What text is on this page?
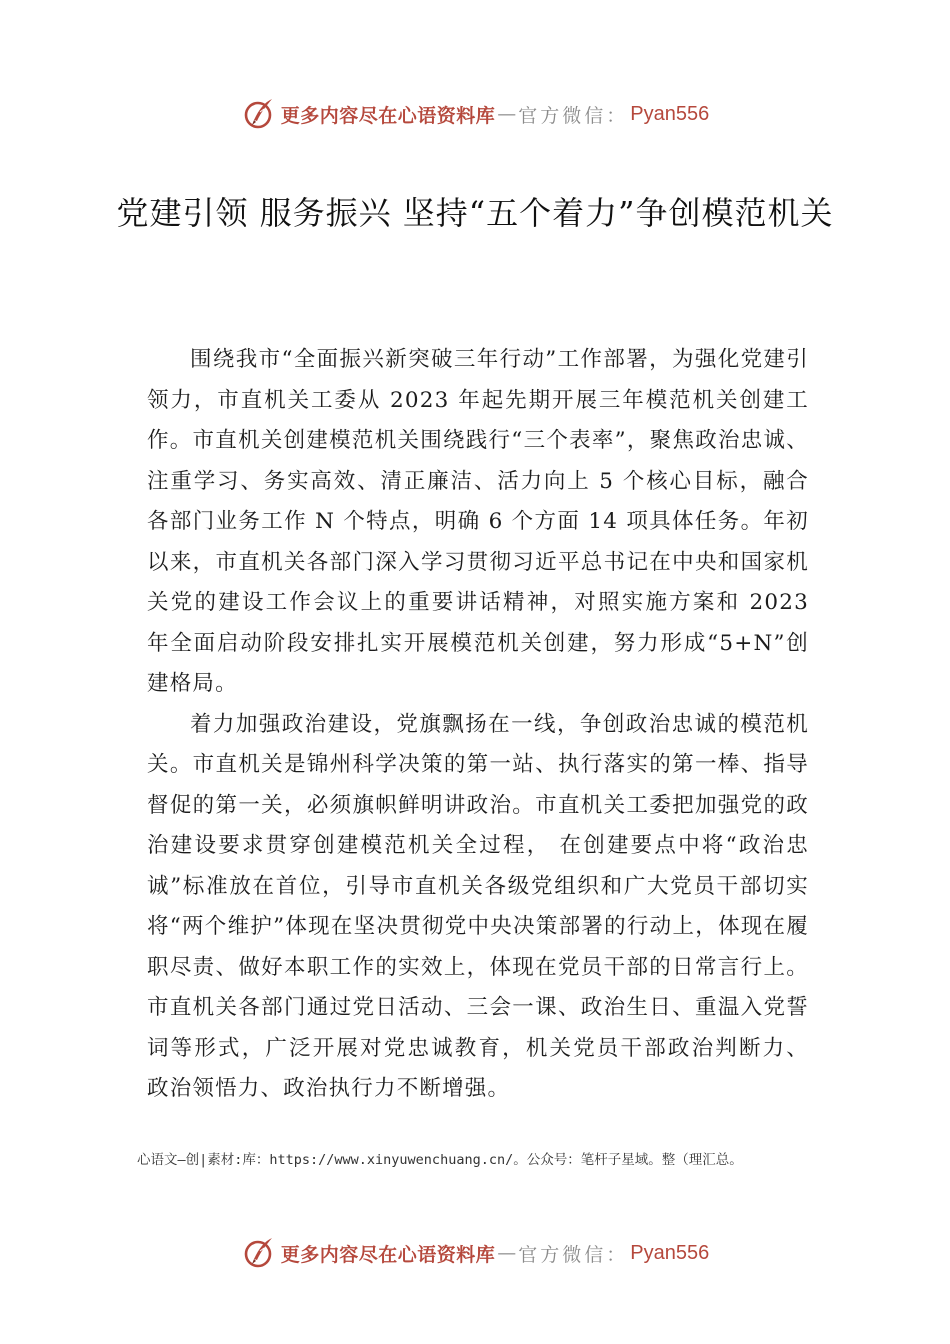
更多内容尽在心语资料库 — 官方微信： Pyan556
党建引领 服务振兴 坚持“五个着力”争创模范机关

围绕我市“全面振兴新突破三年行动”工作部署，为强化党建引领力，市直机关工委从 2023 年起先期开展三年模范机关创建工作。市直机关创建模范机关围绕践行“三个表率”，聚焦政治忠诚、注重学习、务实高效、清正廉洁、活力向上 5 个核心目标，融合各部门业务工作 N 个特点，明确 6 个方面 14 项具体任务。年初以来，市直机关各部门深入学习贯彻习近平总书记在中央和国家机关党的建设工作会议上的重要讲话精神，对照实施方案和 2023 年全面启动阶段安排扎实开展模范机关创建，努力形成“5+N”创建格局。

着力加强政治建设，党旗飘扬在一线，争创政治忠诚的模范机关。市直机关是锦州科学决策的第一站、执行落实的第一棒、指导督促的第一关，必须旗帜鲜明讲政治。市直机关工委把加强党的政治建设要求贯穿创建模范机关全过程， 在创建要点中将“政治忠诚”标准放在首位，引导市直机关各级党组织和广大党员干部切实将“两个维护”体现在坚决贯彻党中央决策部署的行动上，体现在履职尽责、做好本职工作的实效上，体现在党员干部的日常言行上。市直机关各部门通过党日活动、三会一课、政治生日、重温入党誓词等形式，广泛开展对党忠诚教育，机关党员干部政治判断力、 政治领悟力、政治执行力不断增强。

心语文—创|素材:库：https://www.xinyuwenchuang.cn/。公众号：笔杆子星域。整（理汇总。
更多内容尽在心语资料库 — 官方微信： Pyan556
